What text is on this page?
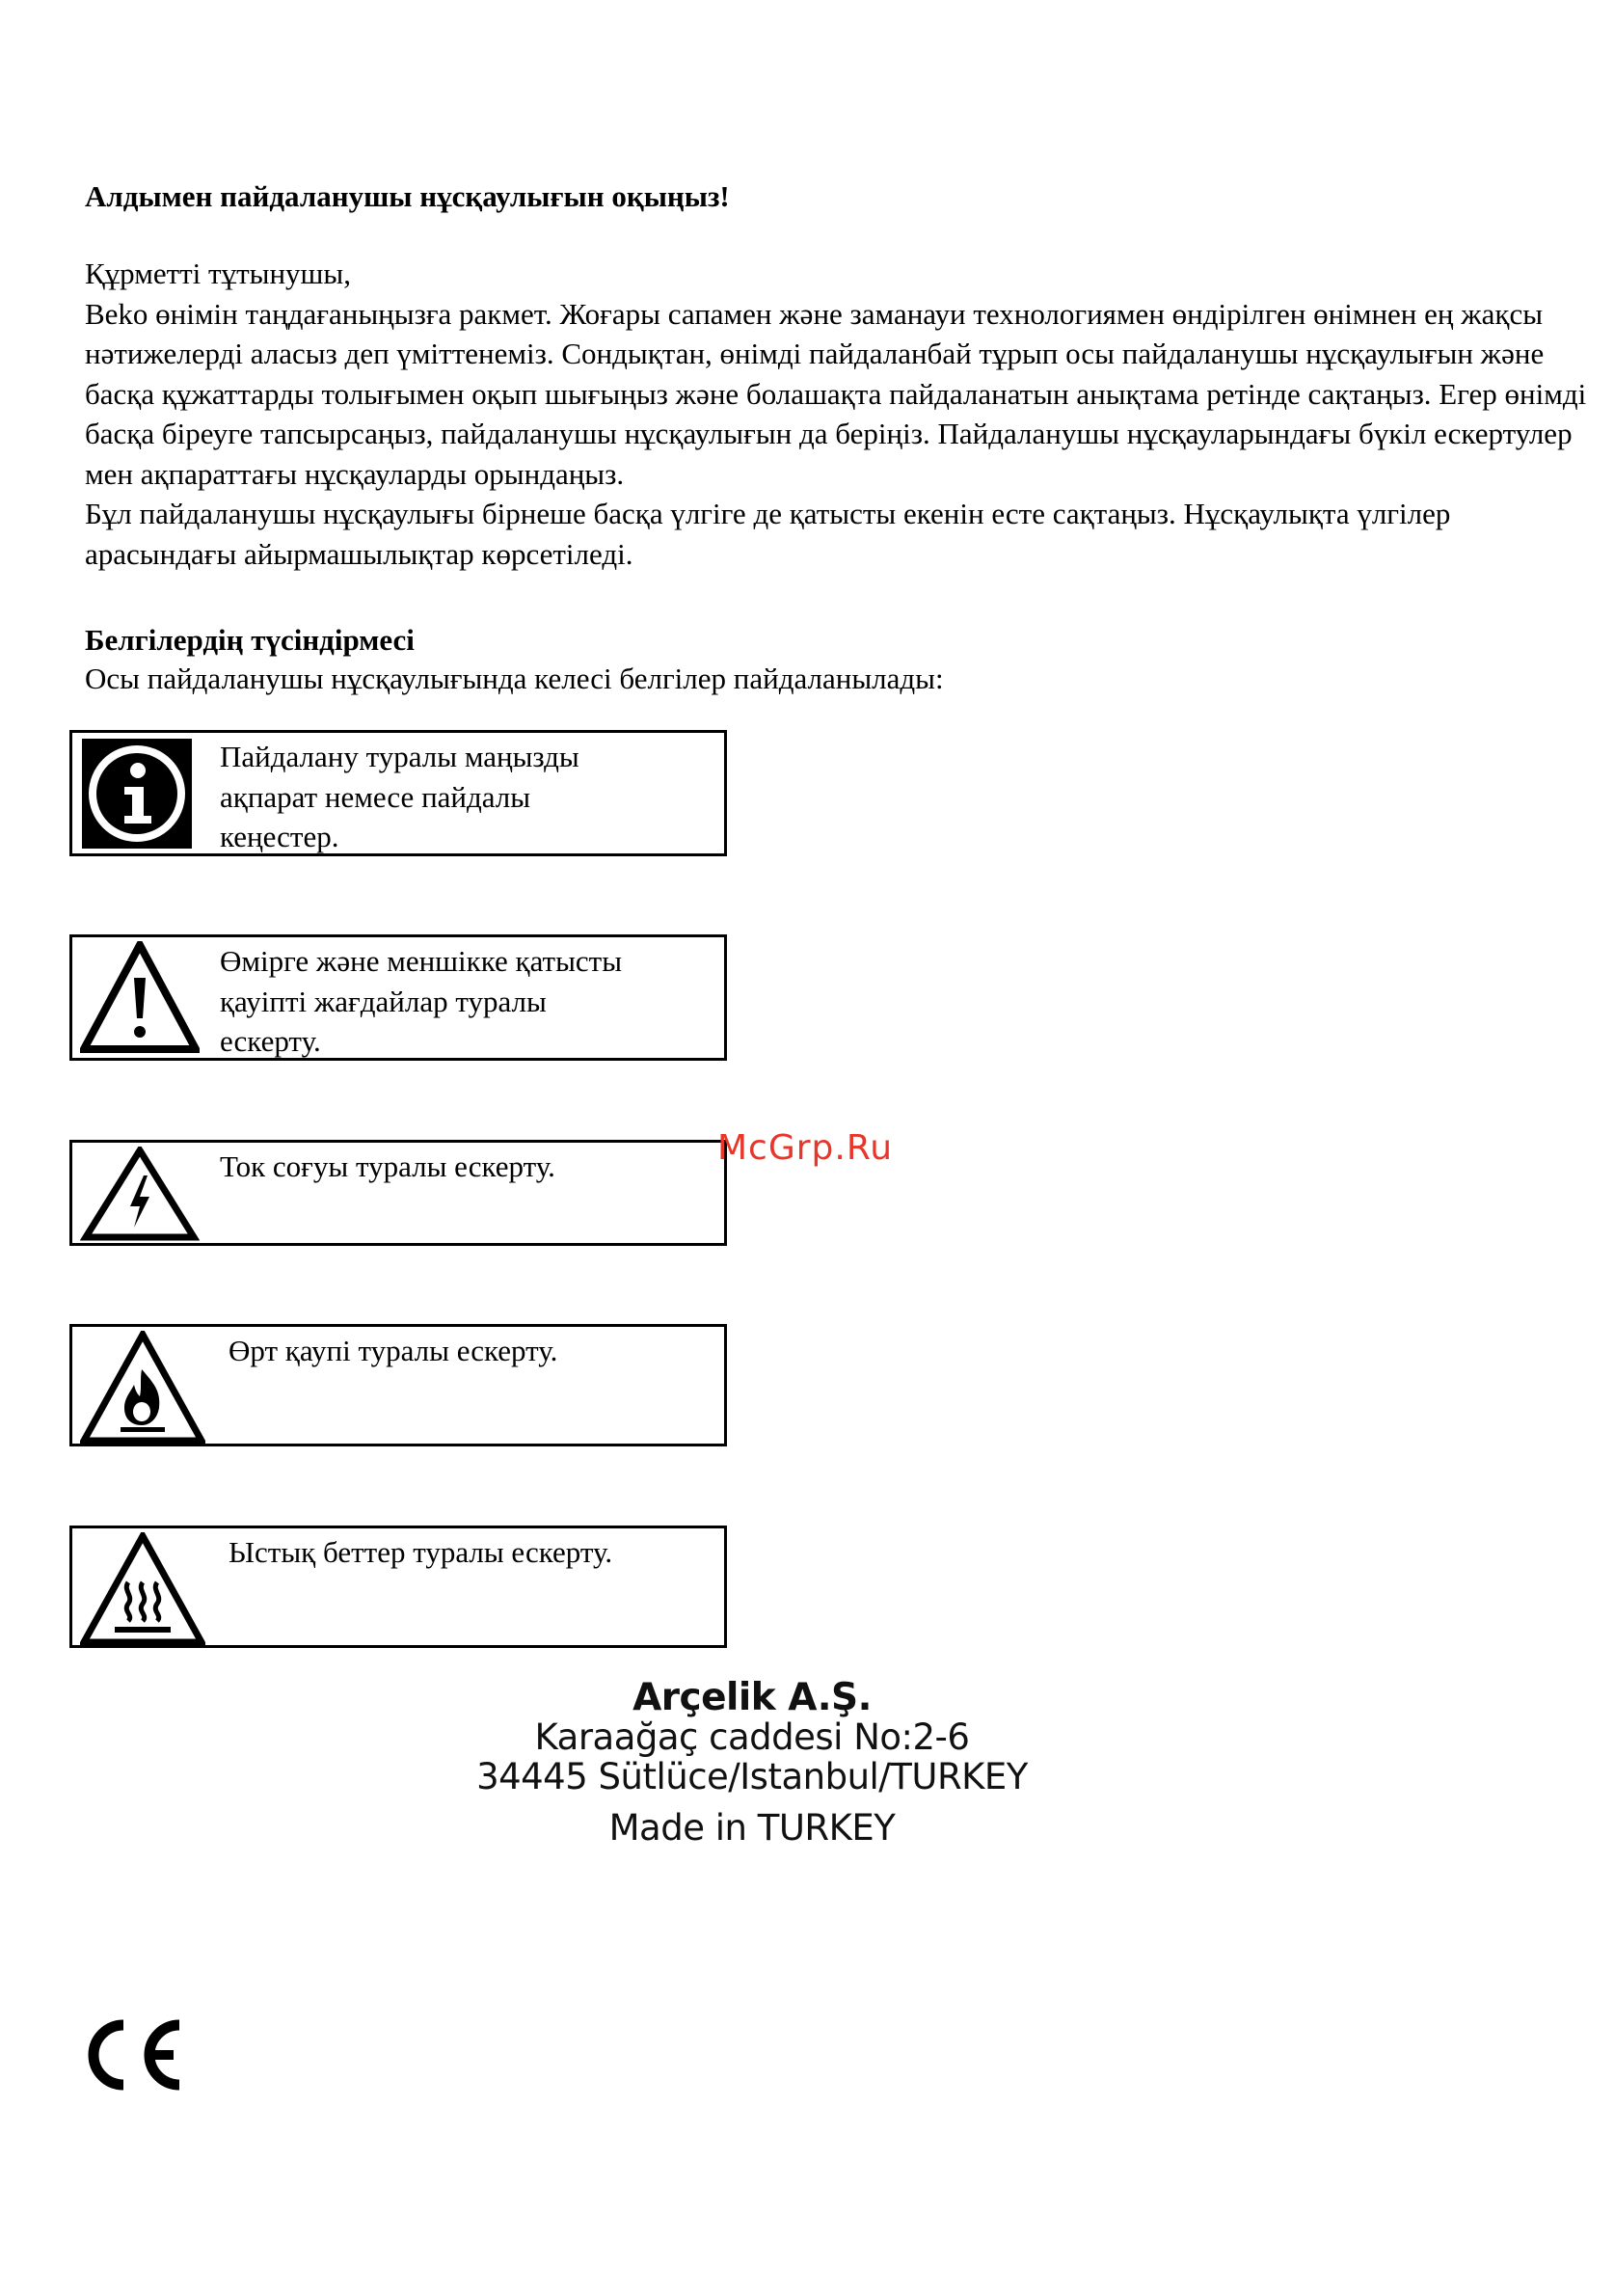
Алдымен пайдаланушы нұсқаулығын оқыңыз!

Құрметті тұтынушы,

Beko өнімін таңдағаныңызға ракмет. Жоғары сапамен және заманауи технологиямен өндірілген өнімнен ең жақсы нәтижелерді аласыз деп үміттенеміз. Сондықтан, өнімді пайдаланбай тұрып осы пайдаланушы нұсқаулығын және басқа құжаттарды толығымен оқып шығыңыз және болашақта пайдаланатын анықтама ретінде сақтаңыз. Егер өнімді басқа біреуге тапсырсаңыз, пайдаланушы нұсқаулығын да беріңіз. Пайдаланушы нұсқауларындағы бүкіл ескертулер мен ақпараттағы нұсқауларды орындаңыз.

Бұл пайдаланушы нұсқаулығы бірнеше басқа үлгіге де қатысты екенін есте сақтаңыз. Нұсқаулықта үлгілер арасындағы айырмашылықтар көрсетіледі.

Белгілердің түсіндірмесі

Осы пайдаланушы нұсқаулығында келесі белгілер пайдаланылады:

Пайдалану туралы маңызды
ақпарат немесе пайдалы
кеңестер.
Өмірге және меншікке қатысты
қауіпті жағдайлар туралы
ескерту.
Ток соғуы туралы ескерту.
Өрт қаупі туралы ескерту.
Ыстық беттер туралы ескерту.
McGrp.Ru
Arçelik A.Ş.
Karaağaç caddesi No:2-6
34445 Sütlüce/Istanbul/TURKEY
Made in TURKEY
